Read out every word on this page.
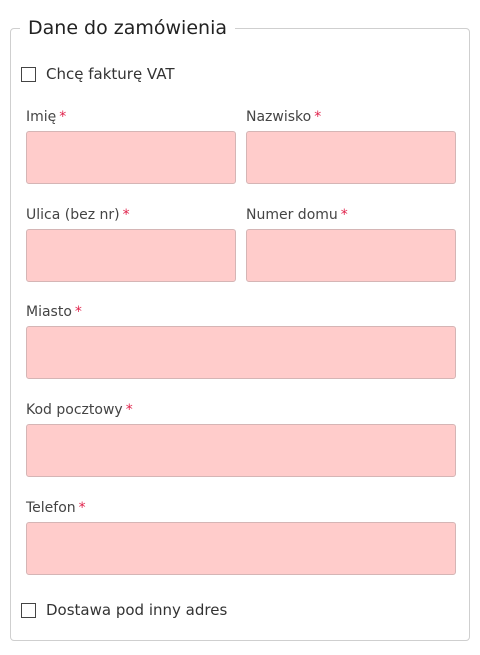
Dane do zamówienia
Chcę fakturę VAT
Imię *	Nazwisko *
Ulica (bez nr) *	Numer domu *
Miasto *
Kod pocztowy *
Telefon *
Dostawa pod inny adres
